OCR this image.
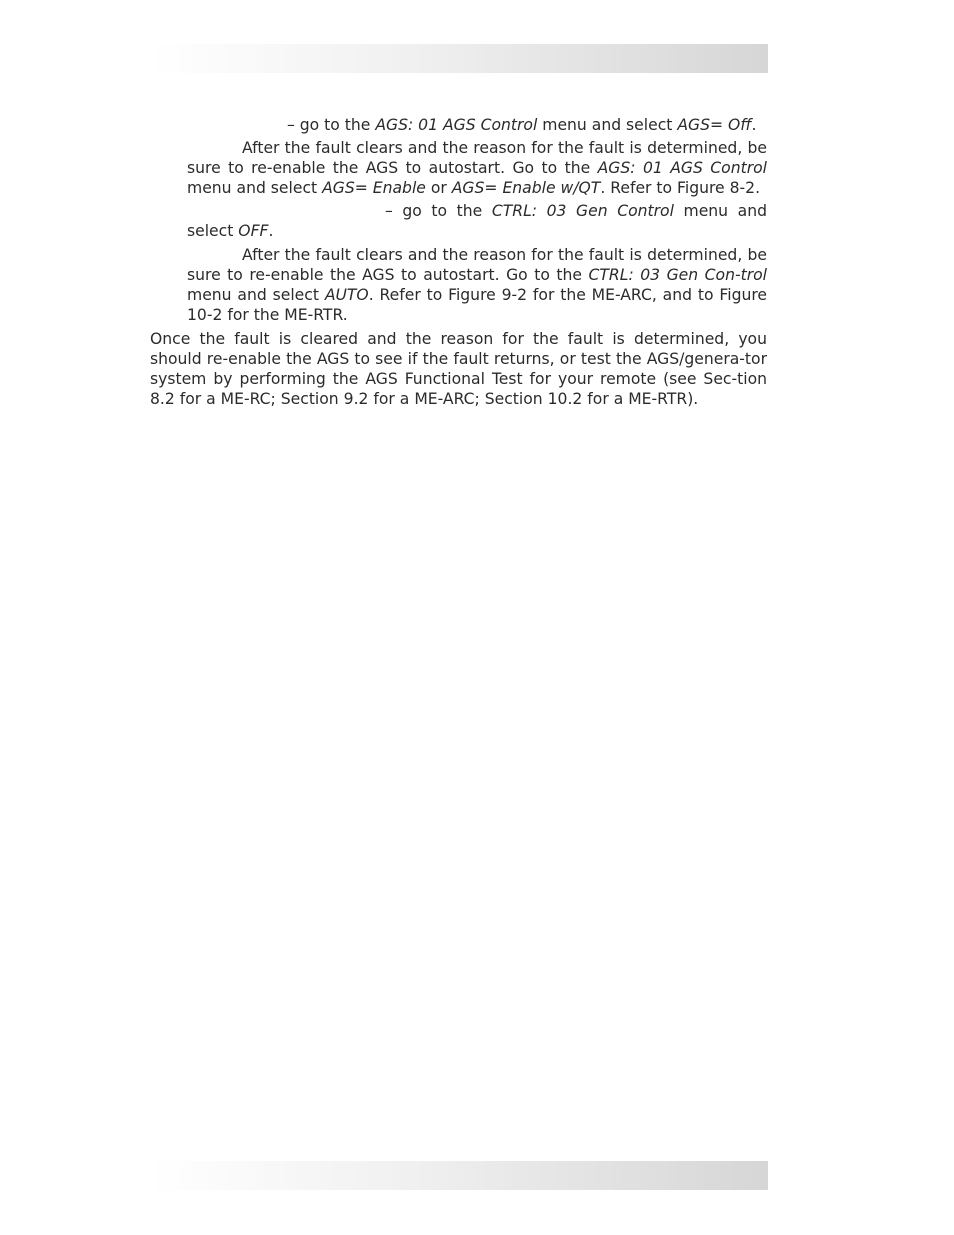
– go to the AGS: 01 AGS Control menu and select AGS= Off.

After the fault clears and the reason for the fault is determined, be sure to re-enable the AGS to autostart. Go to the AGS: 01 AGS Control menu and select AGS= Enable or AGS= Enable w/QT. Refer to Figure 8-2.

– go to the CTRL: 03 Gen Control menu and select OFF.

After the fault clears and the reason for the fault is determined, be sure to re-enable the AGS to autostart. Go to the CTRL: 03 Gen Con-trol menu and select AUTO. Refer to Figure 9-2 for the ME-ARC, and to Figure 10-2 for the ME-RTR.

Once the fault is cleared and the reason for the fault is determined, you should re-enable the AGS to see if the fault returns, or test the AGS/genera-tor system by performing the AGS Functional Test for your remote (see Sec-tion 8.2 for a ME-RC; Section 9.2 for a ME-ARC; Section 10.2 for a ME-RTR).
